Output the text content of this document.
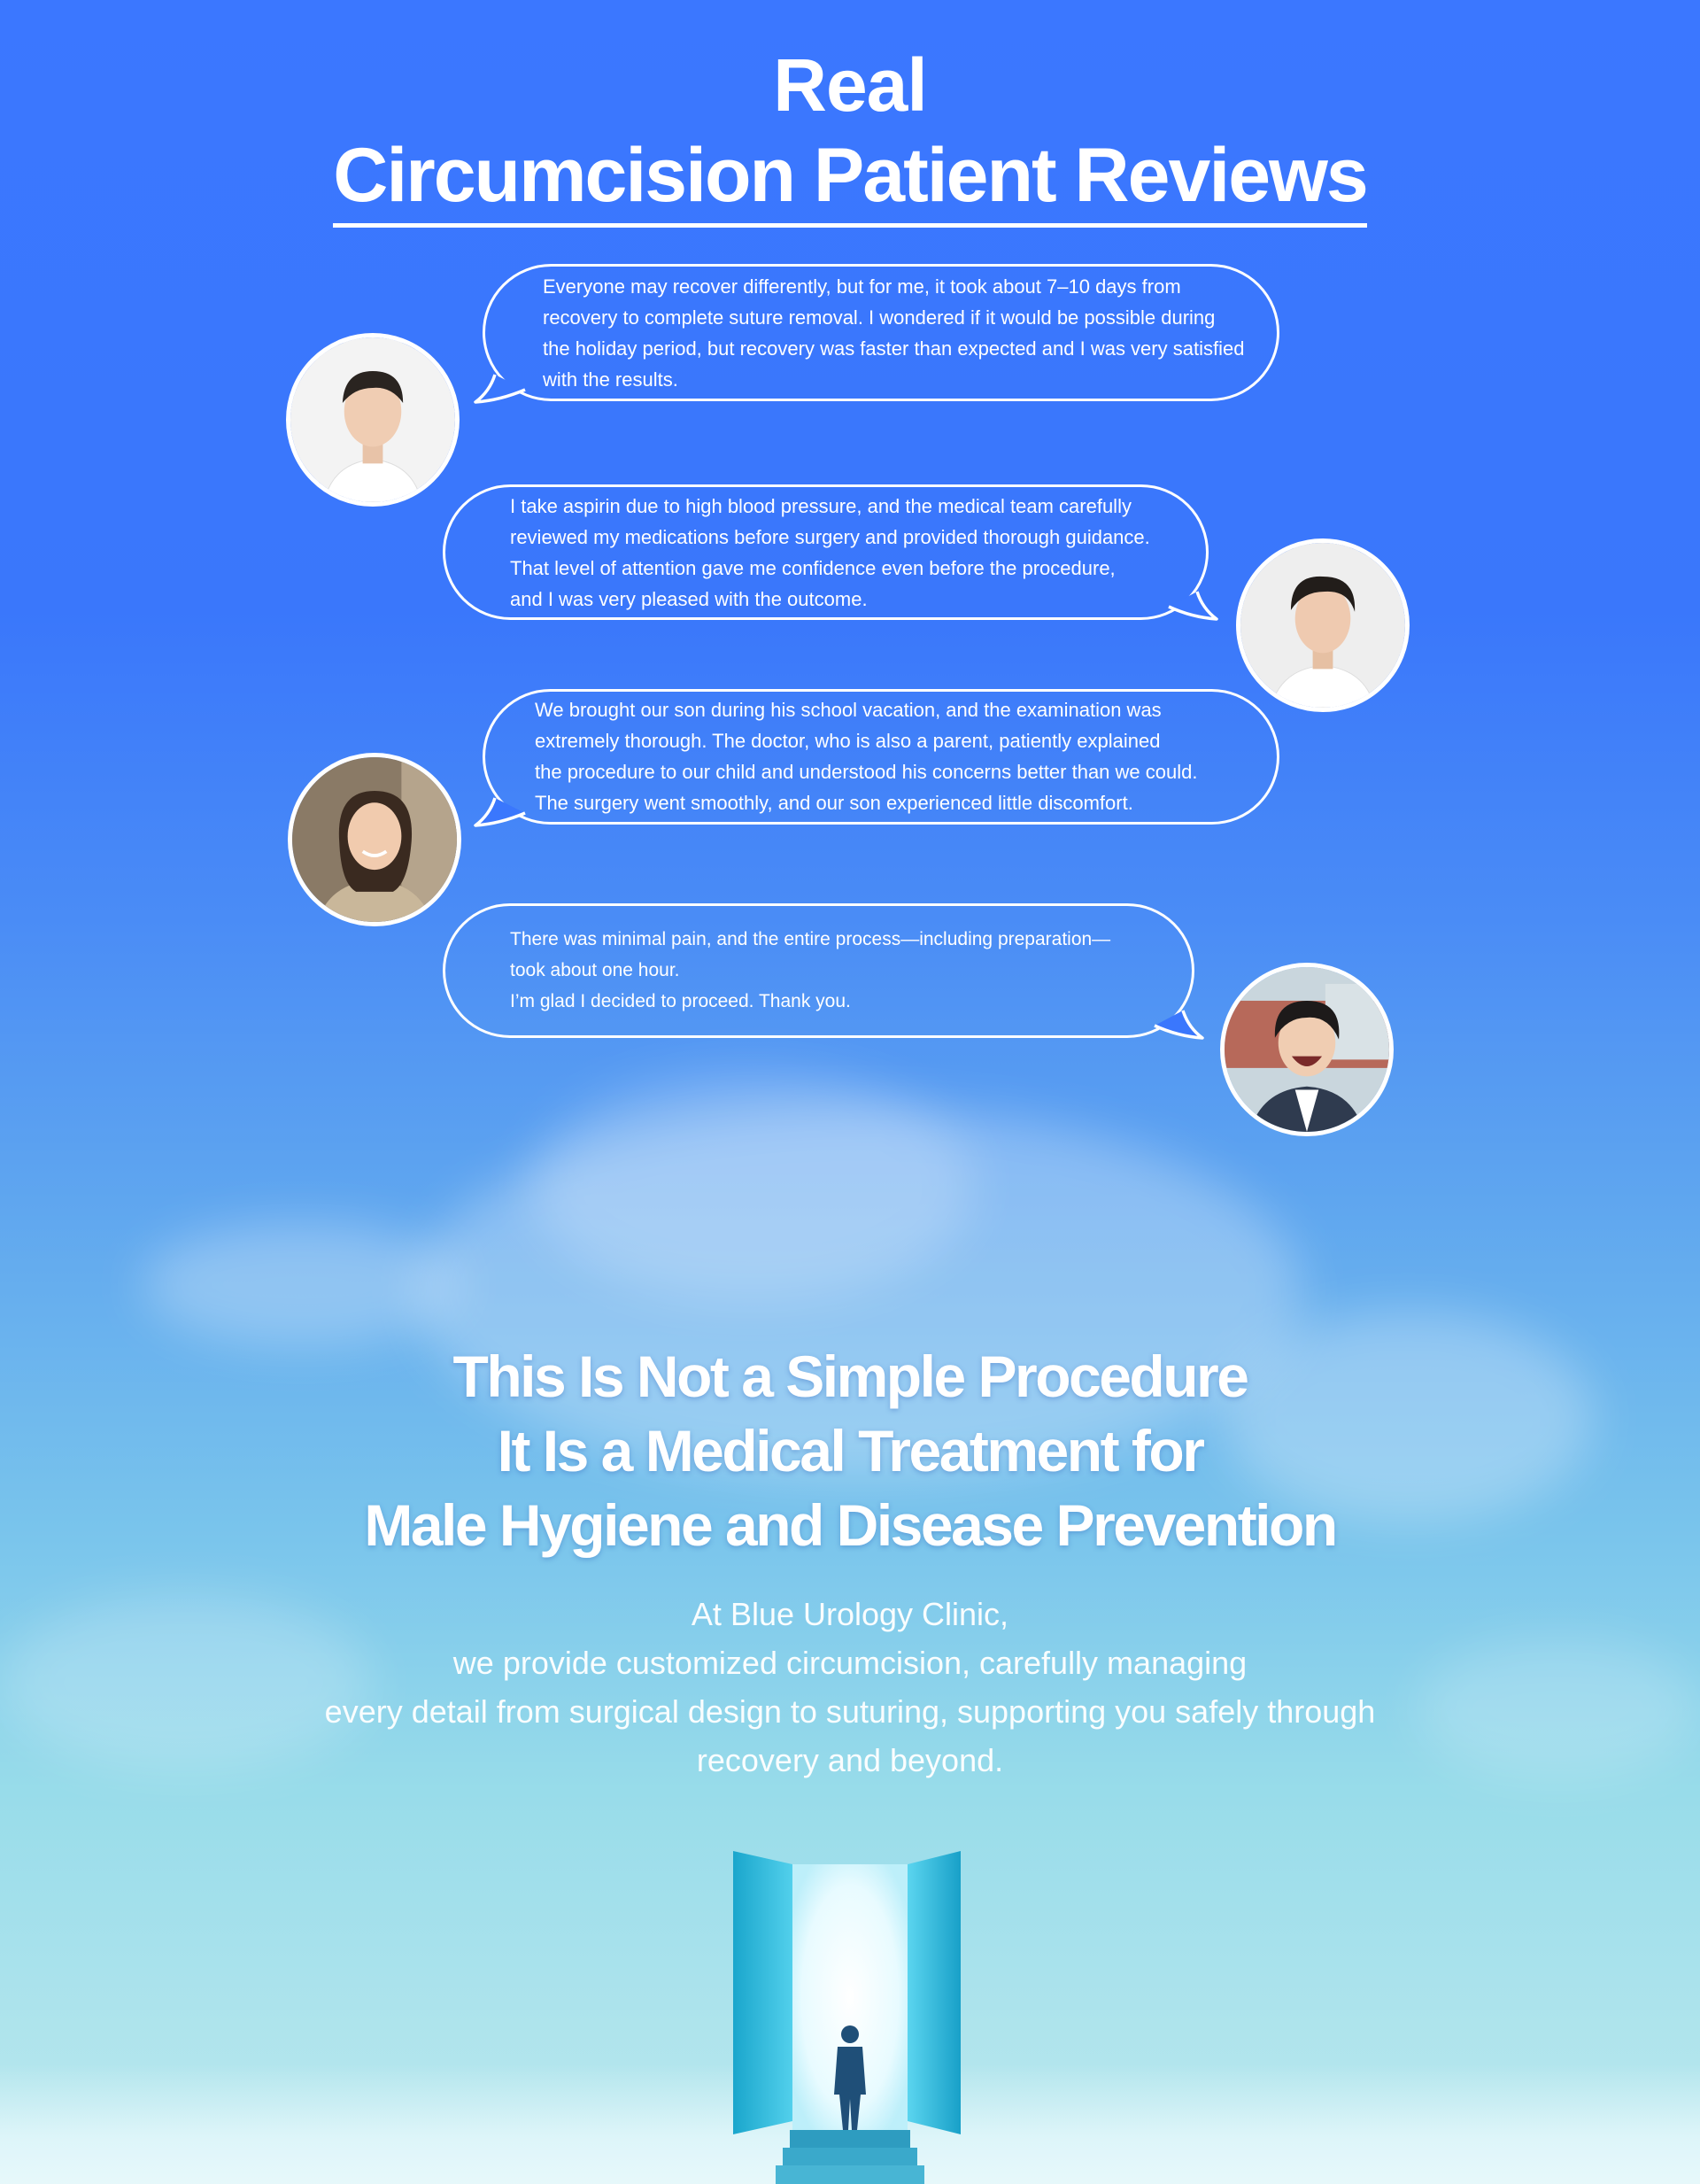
Real
Circumcision Patient Reviews
Everyone may recover differently, but for me, it took about 7–10 days from
recovery to complete suture removal. I wondered if it would be possible during
the holiday period, but recovery was faster than expected and I was very satisfied
with the results.
I take aspirin due to high blood pressure, and the medical team carefully
reviewed my medications before surgery and provided thorough guidance.
That level of attention gave me confidence even before the procedure,
and I was very pleased with the outcome.
We brought our son during his school vacation, and the examination was
extremely thorough. The doctor, who is also a parent, patiently explained
the procedure to our child and understood his concerns better than we could.
The surgery went smoothly, and our son experienced little discomfort.
There was minimal pain, and the entire process—including preparation—
took about one hour.
I’m glad I decided to proceed. Thank you.
This Is Not a Simple Procedure
It Is a Medical Treatment for
Male Hygiene and Disease Prevention
At Blue Urology Clinic,
we provide customized circumcision, carefully managing
every detail from surgical design to suturing, supporting you safely through
recovery and beyond.
